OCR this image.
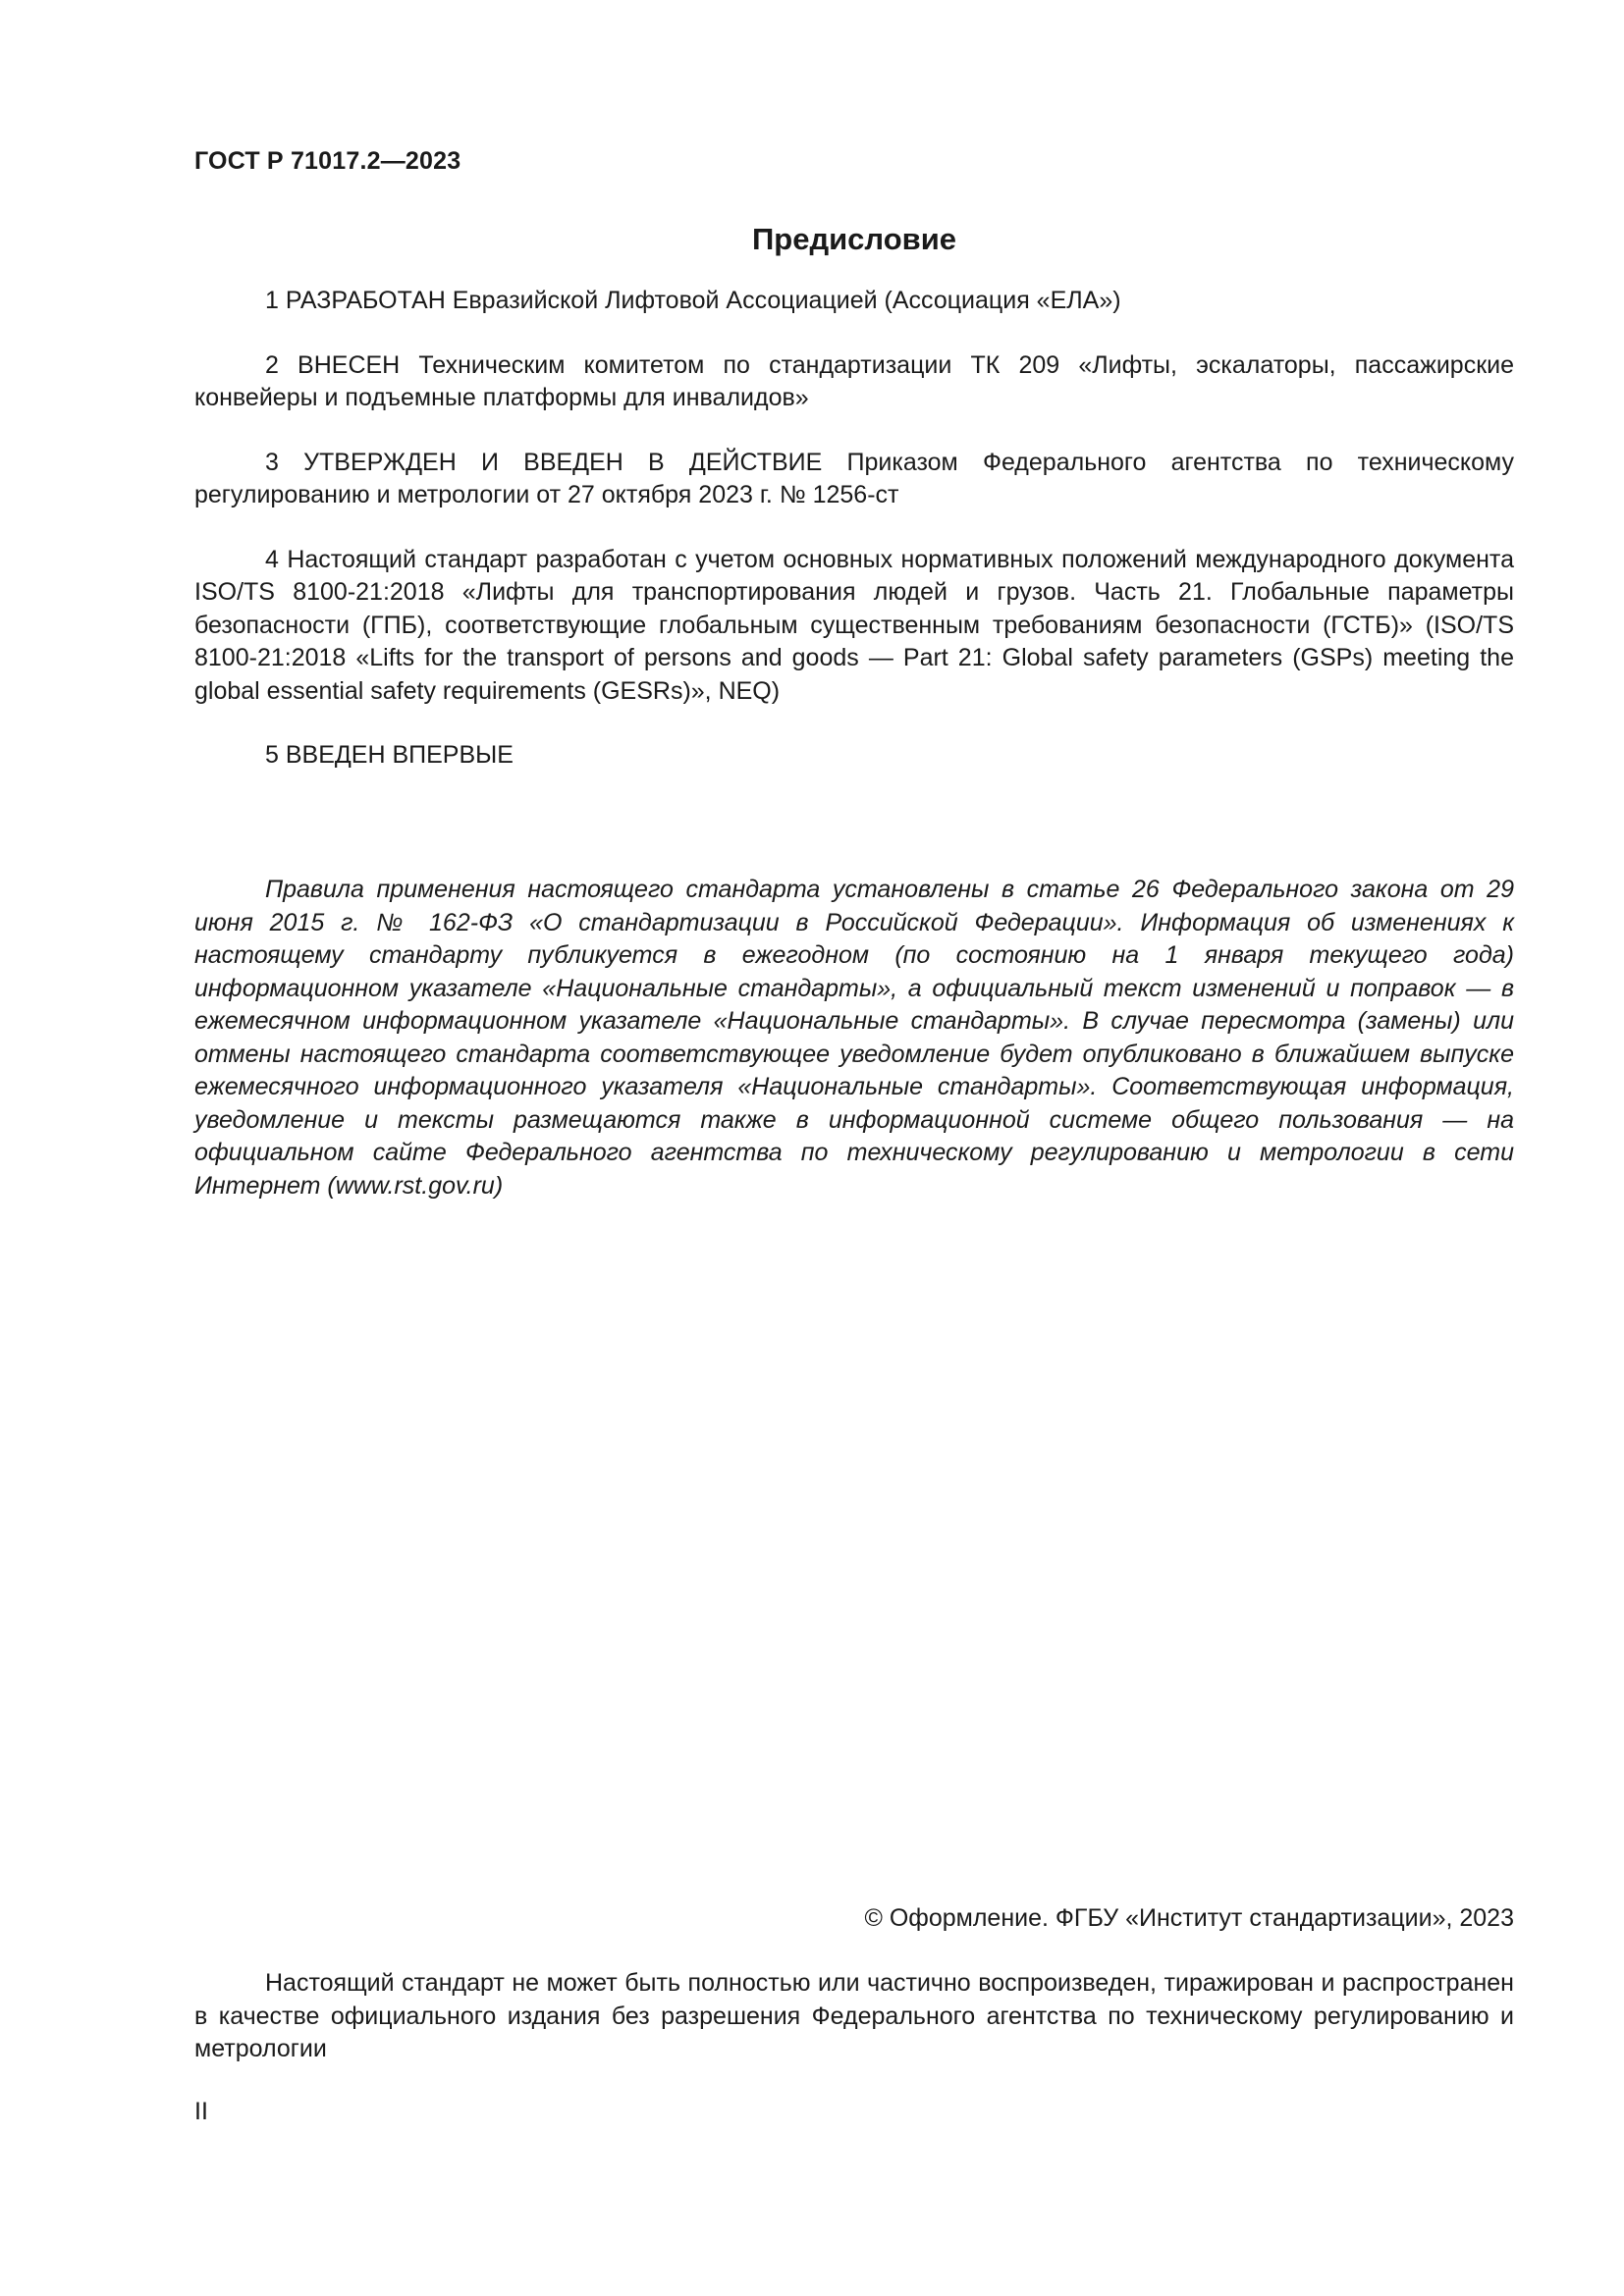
ГОСТ Р 71017.2—2023

Предисловие

1 РАЗРАБОТАН Евразийской Лифтовой Ассоциацией (Ассоциация «ЕЛА»)

2 ВНЕСЕН Техническим комитетом по стандартизации ТК 209 «Лифты, эскалаторы, пассажирские конвейеры и подъемные платформы для инвалидов»

3 УТВЕРЖДЕН И ВВЕДЕН В ДЕЙСТВИЕ Приказом Федерального агентства по техническому регулированию и метрологии от 27 октября 2023 г. № 1256-ст

4 Настоящий стандарт разработан с учетом основных нормативных положений международного документа ISO/TS 8100-21:2018 «Лифты для транспортирования людей и грузов. Часть 21. Глобальные параметры безопасности (ГПБ), соответствующие глобальным существенным требованиям безопасности (ГСТБ)» (ISO/TS 8100-21:2018 «Lifts for the transport of persons and goods — Part 21: Global safety parameters (GSPs) meeting the global essential safety requirements (GESRs)», NEQ)

5 ВВЕДЕН ВПЕРВЫЕ

Правила применения настоящего стандарта установлены в статье 26 Федерального закона от 29 июня 2015 г. № 162-ФЗ «О стандартизации в Российской Федерации». Информация об изменениях к настоящему стандарту публикуется в ежегодном (по состоянию на 1 января текущего года) информационном указателе «Национальные стандарты», а официальный текст изменений и поправок — в ежемесячном информационном указателе «Национальные стандарты». В случае пересмотра (замены) или отмены настоящего стандарта соответствующее уведомление будет опубликовано в ближайшем выпуске ежемесячного информационного указателя «Национальные стандарты». Соответствующая информация, уведомление и тексты размещаются также в информационной системе общего пользования — на официальном сайте Федерального агентства по техническому регулированию и метрологии в сети Интернет (www.rst.gov.ru)

© Оформление. ФГБУ «Институт стандартизации», 2023

Настоящий стандарт не может быть полностью или частично воспроизведен, тиражирован и распространен в качестве официального издания без разрешения Федерального агентства по техническому регулированию и метрологии

II
